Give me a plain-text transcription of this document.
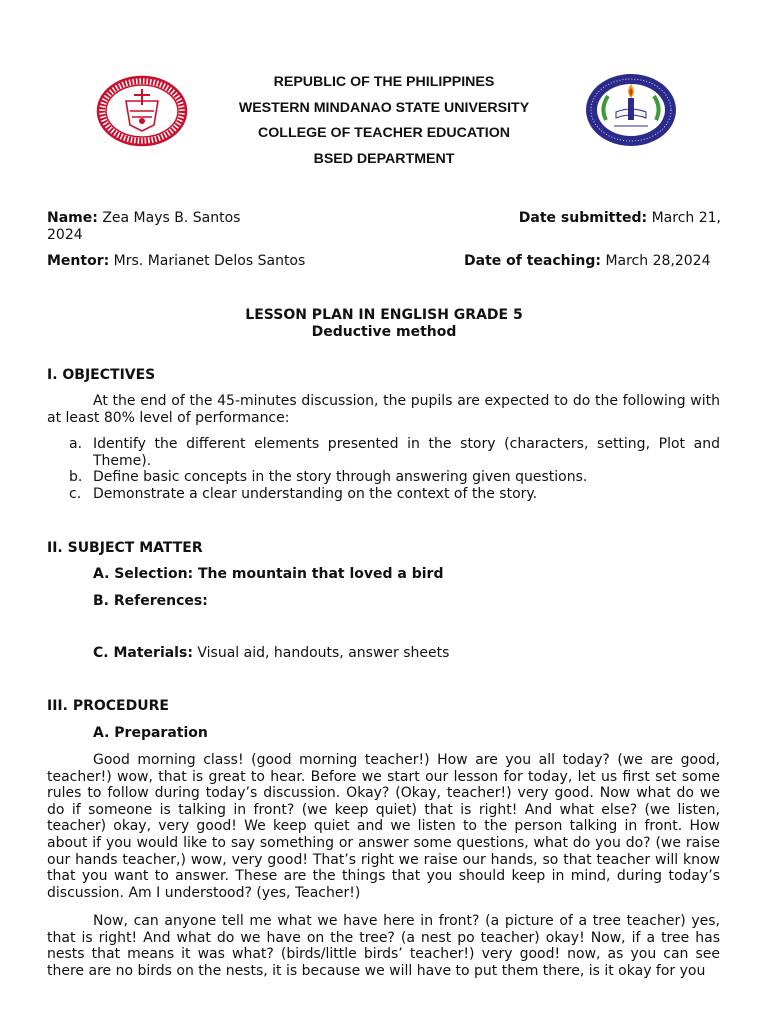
REPUBLIC OF THE PHILIPPINES
WESTERN MINDANAO STATE UNIVERSITY
COLLEGE OF TEACHER EDUCATION
BSED DEPARTMENT
Name: Zea Mays B. Santos	Date submitted: March 21,
2024
Mentor: Mrs. Marianet Delos Santos	Date of teaching: March 28,2024
LESSON PLAN IN ENGLISH GRADE 5
Deductive method
I. OBJECTIVES
At the end of the 45-minutes discussion, the pupils are expected to do the following with at least 80% level of performance:
a. Identify the different elements presented in the story (characters, setting, Plot and Theme).
b. Define basic concepts in the story through answering given questions.
c. Demonstrate a clear understanding on the context of the story.
II. SUBJECT MATTER
A. Selection: The mountain that loved a bird
B. References:
C. Materials: Visual aid, handouts, answer sheets
III. PROCEDURE
A. Preparation
Good morning class! (good morning teacher!) How are you all today? (we are good, teacher!) wow, that is great to hear. Before we start our lesson for today, let us first set some rules to follow during today’s discussion. Okay? (Okay, teacher!) very good. Now what do we do if someone is talking in front? (we keep quiet) that is right! And what else? (we listen, teacher) okay, very good! We keep quiet and we listen to the person talking in front. How about if you would like to say something or answer some questions, what do you do? (we raise our hands teacher,) wow, very good! That’s right we raise our hands, so that teacher will know that you want to answer. These are the things that you should keep in mind, during today’s discussion. Am I understood? (yes, Teacher!)
Now, can anyone tell me what we have here in front? (a picture of a tree teacher) yes, that is right! And what do we have on the tree? (a nest po teacher) okay! Now, if a tree has nests that means it was what? (birds/little birds’ teacher!) very good! now, as you can see there are no birds on the nests, it is because we will have to put them there, is it okay for you
